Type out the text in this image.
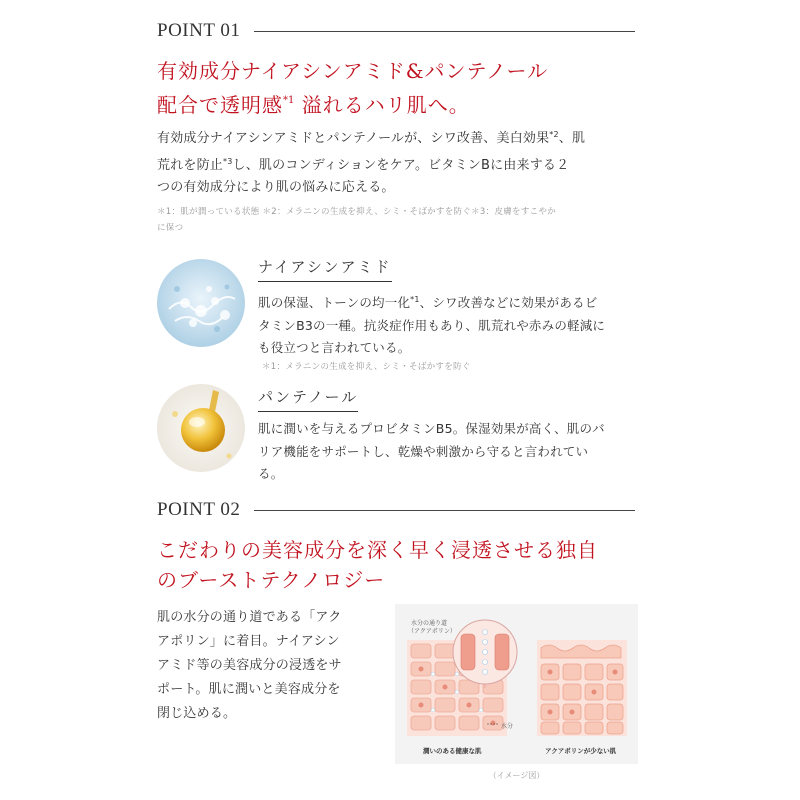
POINT 01
有効成分ナイアシンアミド&パンテノール
配合で透明感$^{*1}$ 溢れるハリ肌へ。
有効成分ナイアシンアミドとパンテノールが、シワ改善、美白効果$^{*2}$、肌
荒れを防止$^{*3}$し、肌のコンディションをケア。ビタミンBに由来する２
つの有効成分により肌の悩みに応える。
＊1：肌が潤っている状態 ＊2：メラニンの生成を抑え、シミ・そばかすを防ぐ＊3：皮膚をすこやか
に保つ
ナイアシンアミド
肌の保湿、トーンの均一化$^{*1}$、シワ改善などに効果があるビ
タミンB3の一種。抗炎症作用もあり、肌荒れや赤みの軽減に
も役立つと言われている。
＊1：メラニンの生成を抑え、シミ・そばかすを防ぐ
パンテノール
肌に潤いを与えるプロビタミンB5。保湿効果が高く、肌のバ
リア機能をサポートし、乾燥や刺激から守ると言われてい
る。
POINT 02
こだわりの美容成分を深く早く浸透させる独自
のブーストテクノロジー
肌の水分の通り道である「アク
アポリン」に着目。ナイアシン
アミド等の美容成分の浸透をサ
ポート。肌に潤いと美容成分を
閉じ込める。
水分の通り道
（アクアポリン）
水分
潤いのある健康な肌	アクアポリンが少ない肌
（イメージ図）
